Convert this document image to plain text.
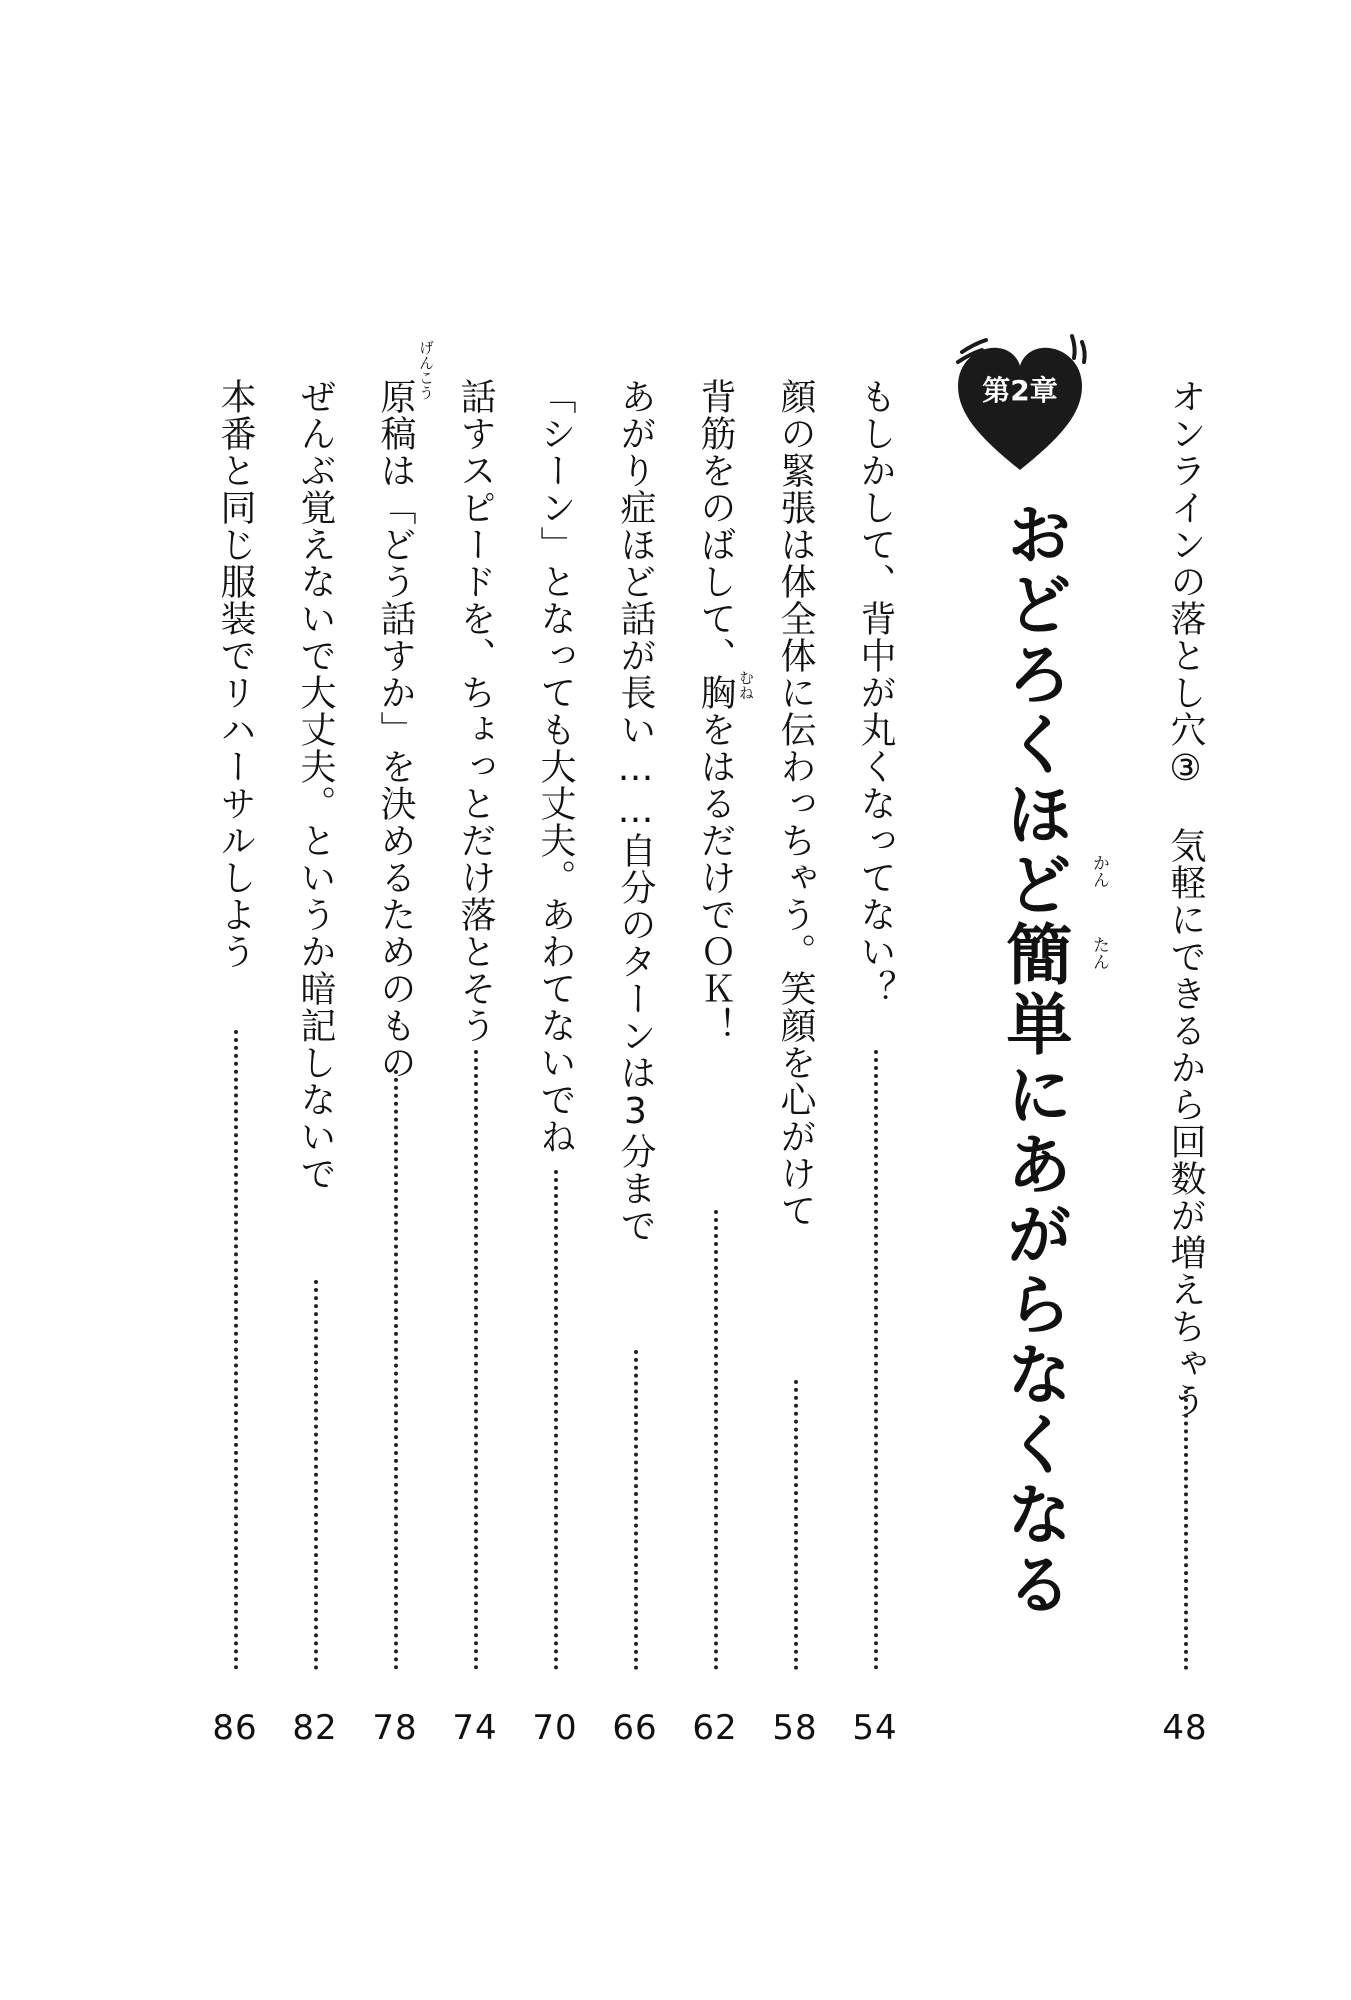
オンラインの落とし穴③　気軽にできるから回数が増えちゃう
48
第2章
おどろくほど簡単にあがらなくなる かん
たん
もしかして、背中が丸くなってない？
54
顔の緊張は体全体に伝わっちゃう。笑顔を心がけて
58
むね
背筋をのばして、胸をはるだけでＯＫ！
62
あがり症ほど話が長い……自分のターンは3分まで
66
「シーン」となっても大丈夫。あわてないでね
70
話すスピードを、ちょっとだけ落とそう
74
げんこう
原稿は「どう話すか」を決めるためのもの
78
ぜんぶ覚えないで大丈夫。というか暗記しないで
82
本番と同じ服装でリハーサルしよう
86
